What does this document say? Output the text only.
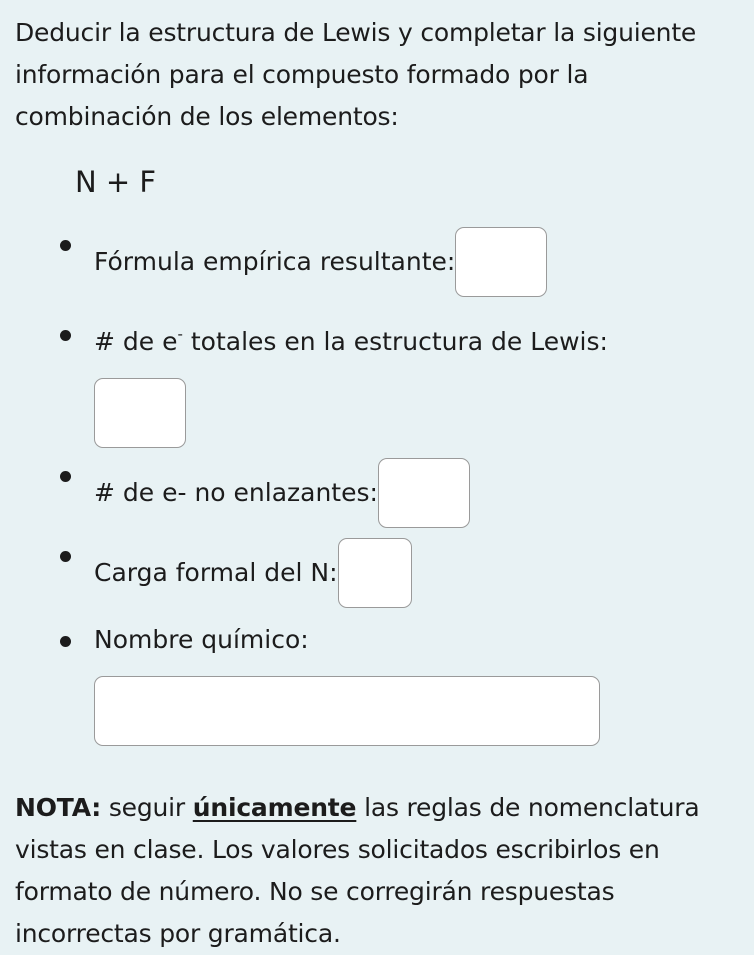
Deducir la estructura de Lewis y completar la siguiente información para el compuesto formado por la combinación de los elementos:

N + F
Fórmula empírica resultante:
# de e- totales en la estructura de Lewis:
# de e- no enlazantes:
Carga formal del N:
Nombre químico:

NOTA: seguir únicamente las reglas de nomenclatura vistas en clase. Los valores solicitados escribirlos en formato de número. No se corregirán respuestas incorrectas por gramática.
